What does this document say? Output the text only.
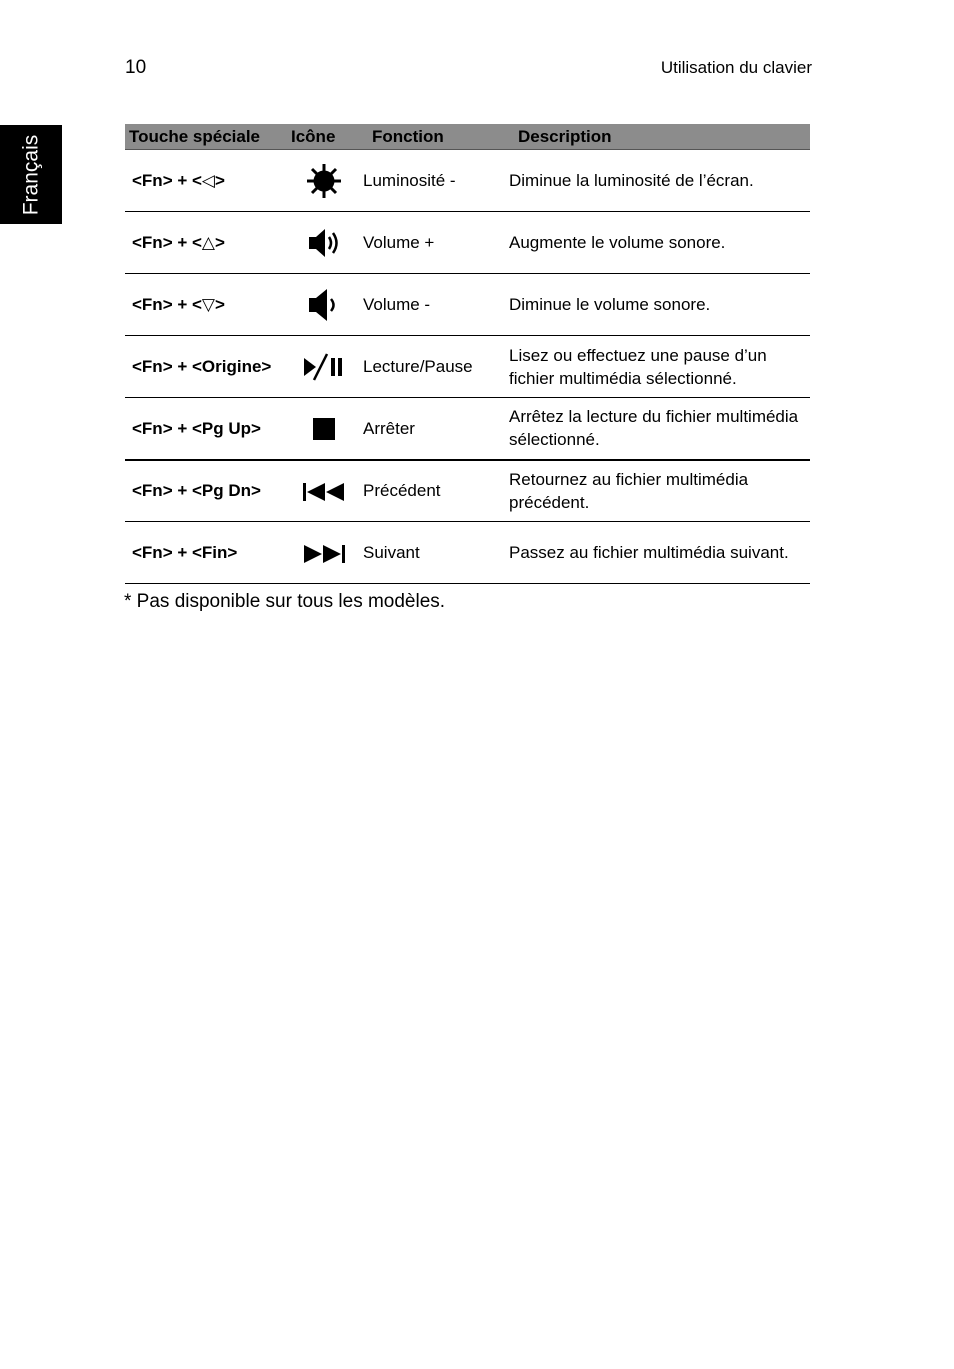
10	Utilisation du clavier
Français	Touche spéciale	Icône	Fonction	Description
<Fn> + <◁>		Luminosité -	Diminue la luminosité de l’écran.
<Fn> + <△>		Volume +	Augmente le volume sonore.
<Fn> + <▽>		Volume -	Diminue le volume sonore.
<Fn> + <Origine>		Lecture/Pause	Lisez ou effectuez une pause d’un fichier multimédia sélectionné.
<Fn> + <Pg Up>		Arrêter	Arrêtez la lecture du fichier multimédia sélectionné.
<Fn> + <Pg Dn>		Précédent	Retournez au fichier multimédia précédent.
<Fn> + <Fin>		Suivant	Passez au fichier multimédia suivant.
* Pas disponible sur tous les modèles.
